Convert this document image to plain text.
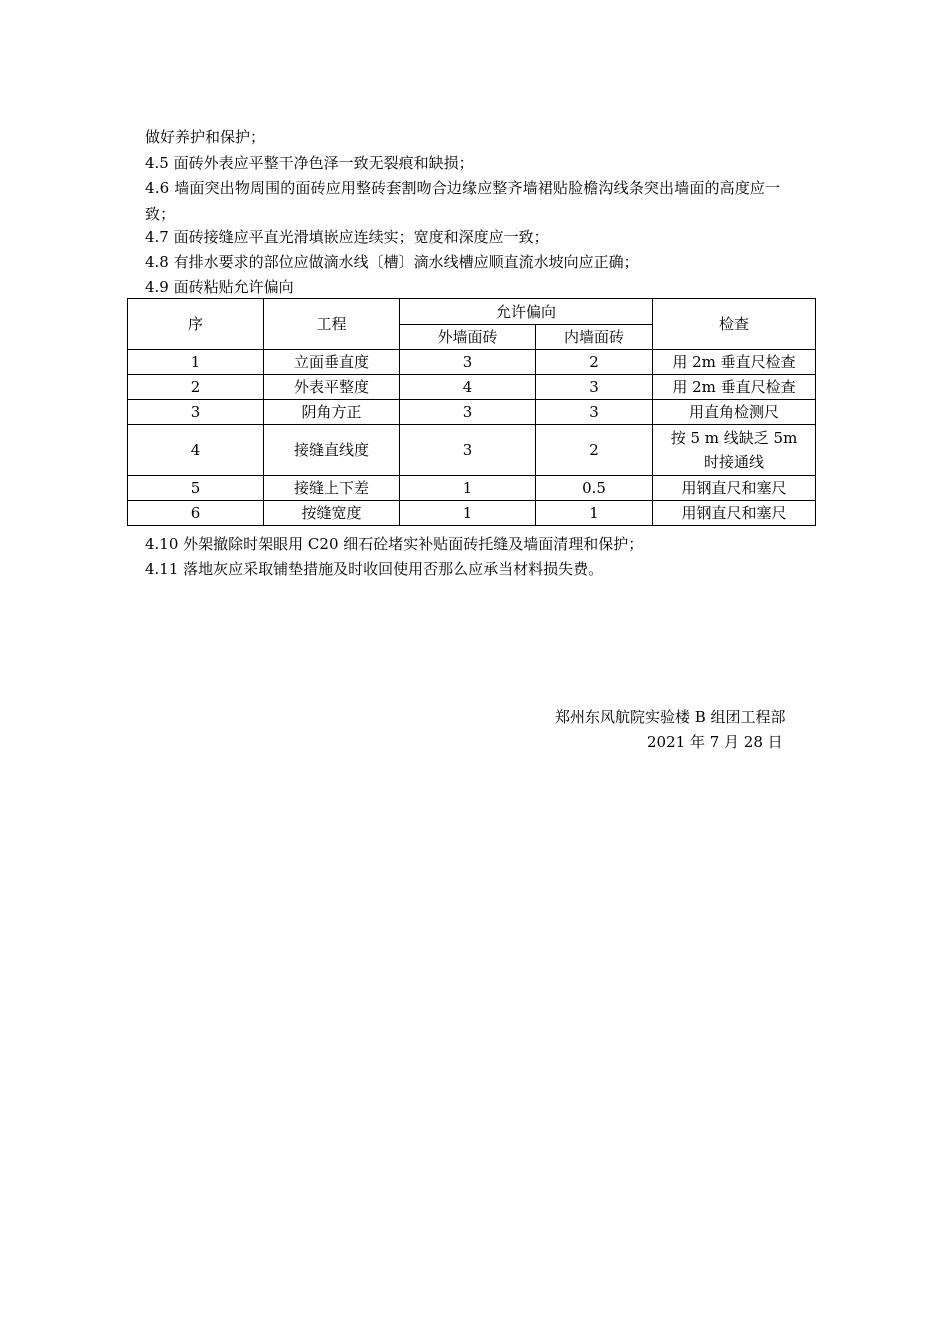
做好养护和保护；
4.5 面砖外表应平整干净色泽一致无裂痕和缺损；
4.6 墙面突出物周围的面砖应用整砖套割吻合边缘应整齐墙裙贴脸檐沟线条突出墙面的高度应一致；
4.7 面砖接缝应平直光滑填嵌应连续实；宽度和深度应一致；
4.8 有排水要求的部位应做滴水线〔槽〕滴水线槽应顺直流水坡向应正确；
4.9 面砖粘贴允许偏向
序	工程	允许偏向		检查
		外墙面砖	内墙面砖	
1	立面垂直度	3	2	用 2m 垂直尺检查
2	外表平整度	4	3	用 2m 垂直尺检查
3	阴角方正	3	3	用直角检测尺
4	接缝直线度	3	2	按 5 m 线缺乏 5m 时接通线
5	接缝上下差	1	0.5	用钢直尺和塞尺
6	按缝宽度	1	1	用钢直尺和塞尺
4.10 外架撤除时架眼用 C20 细石砼堵实补贴面砖托缝及墙面清理和保护；
4.11 落地灰应采取铺垫措施及时收回使用否那么应承当材料损失费。
郑州东风航院实验楼 B 组团工程部
2021 年 7 月 28 日
